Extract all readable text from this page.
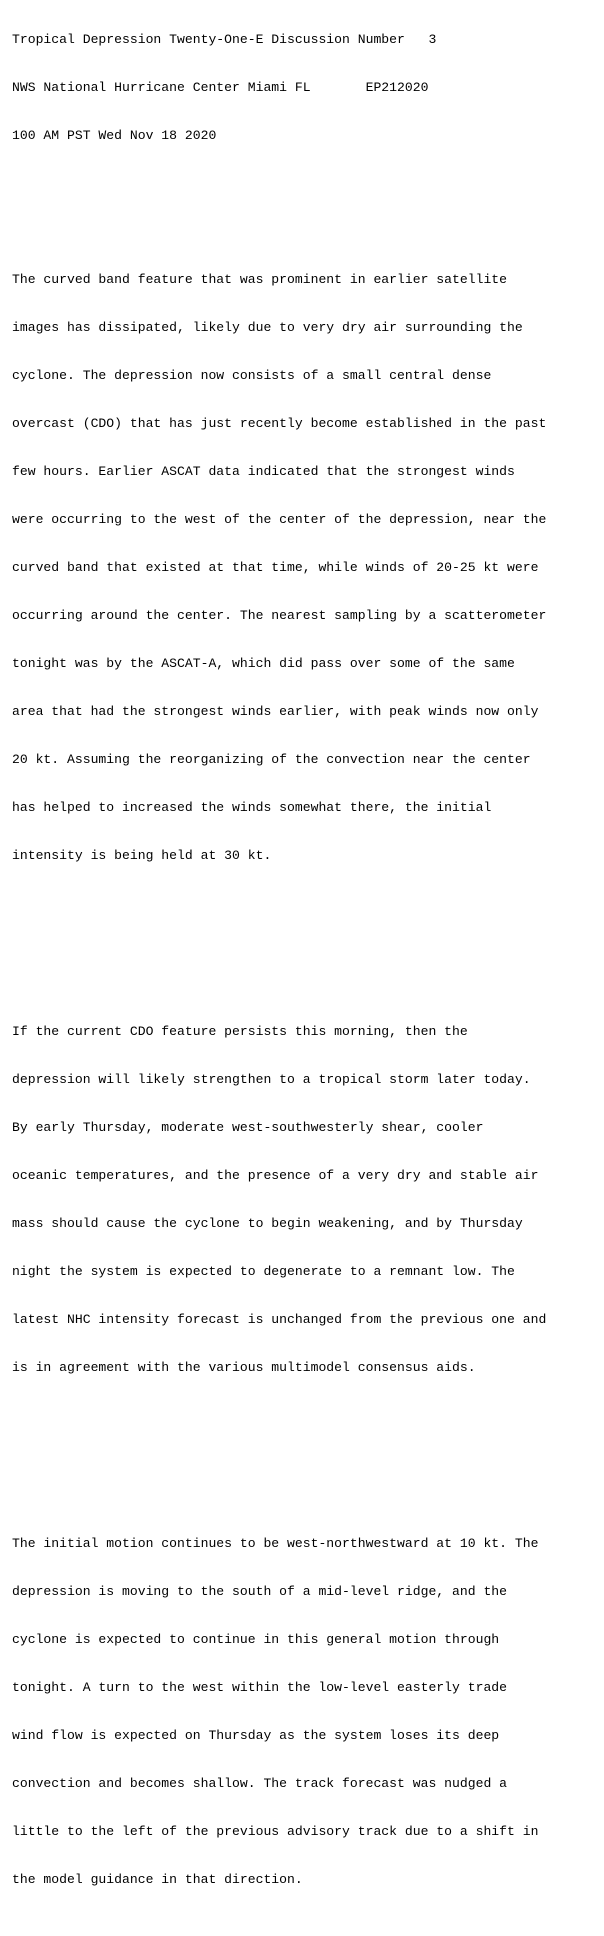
Tropical Depression Twenty-One-E Discussion Number   3

NWS National Hurricane Center Miami FL       EP212020

100 AM PST Wed Nov 18 2020

The curved band feature that was prominent in earlier satellite

images has dissipated, likely due to very dry air surrounding the

cyclone. The depression now consists of a small central dense

overcast (CDO) that has just recently become established in the past

few hours. Earlier ASCAT data indicated that the strongest winds

were occurring to the west of the center of the depression, near the

curved band that existed at that time, while winds of 20-25 kt were

occurring around the center. The nearest sampling by a scatterometer

tonight was by the ASCAT-A, which did pass over some of the same

area that had the strongest winds earlier, with peak winds now only

20 kt. Assuming the reorganizing of the convection near the center

has helped to increased the winds somewhat there, the initial

intensity is being held at 30 kt.

If the current CDO feature persists this morning, then the

depression will likely strengthen to a tropical storm later today.

By early Thursday, moderate west-southwesterly shear, cooler

oceanic temperatures, and the presence of a very dry and stable air

mass should cause the cyclone to begin weakening, and by Thursday

night the system is expected to degenerate to a remnant low. The

latest NHC intensity forecast is unchanged from the previous one and

is in agreement with the various multimodel consensus aids.

The initial motion continues to be west-northwestward at 10 kt. The

depression is moving to the south of a mid-level ridge, and the

cyclone is expected to continue in this general motion through

tonight. A turn to the west within the low-level easterly trade

wind flow is expected on Thursday as the system loses its deep

convection and becomes shallow. The track forecast was nudged a

little to the left of the previous advisory track due to a shift in

the model guidance in that direction.
